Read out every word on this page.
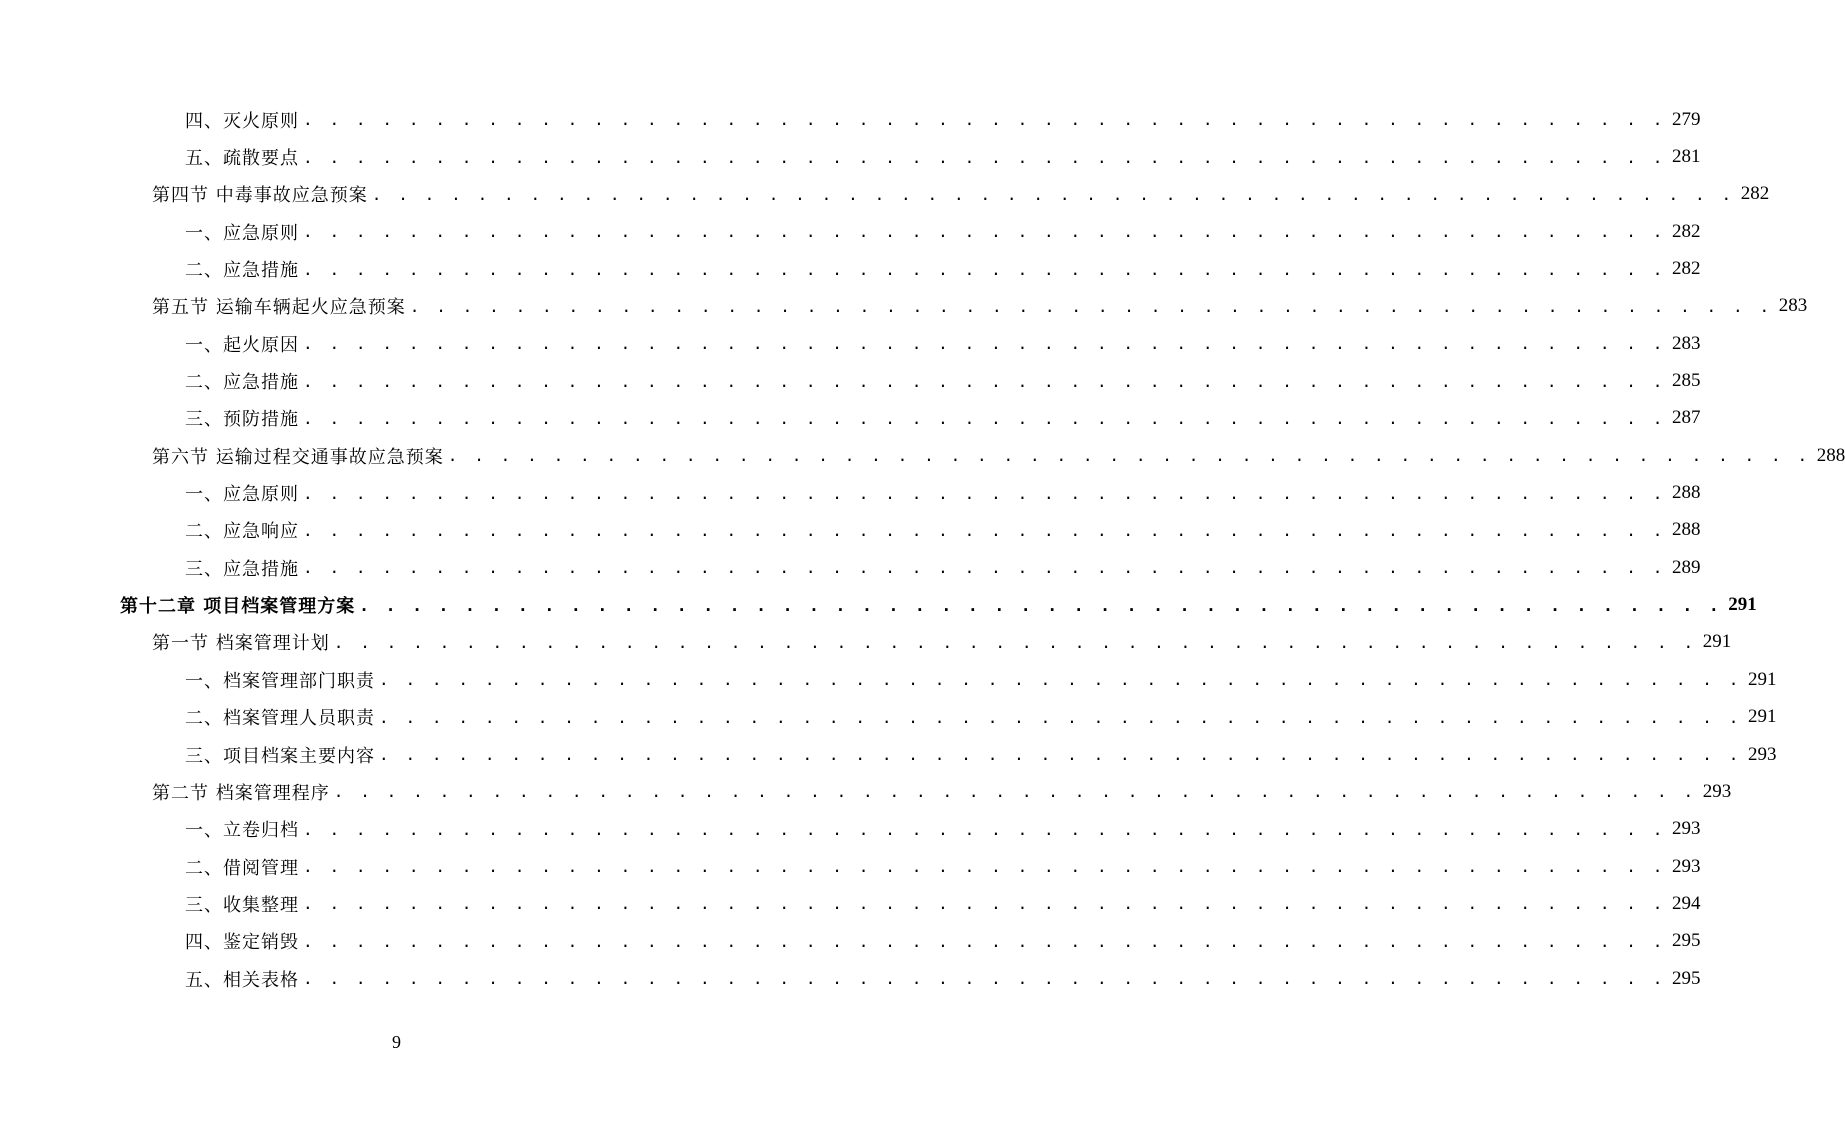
四、灭火原则 . . . . . . . . . . . . . . . . . . . . . . . . . . . . . . . . . . . . . . . . . . . . . . . . . . . . 279
五、疏散要点 . . . . . . . . . . . . . . . . . . . . . . . . . . . . . . . . . . . . . . . . . . . . . . . . . . . . 281
第四节 中毒事故应急预案 . . . . . . . . . . . . . . . . . . . . . . . . . . . . . . . . . . . . . . . . . . . . . . . . . . . . 282
一、应急原则 . . . . . . . . . . . . . . . . . . . . . . . . . . . . . . . . . . . . . . . . . . . . . . . . . . . . 282
二、应急措施 . . . . . . . . . . . . . . . . . . . . . . . . . . . . . . . . . . . . . . . . . . . . . . . . . . . . 282
第五节 运输车辆起火应急预案 . . . . . . . . . . . . . . . . . . . . . . . . . . . . . . . . . . . . . . . . . . . . . . . . . . . . 283
一、起火原因 . . . . . . . . . . . . . . . . . . . . . . . . . . . . . . . . . . . . . . . . . . . . . . . . . . . . 283
二、应急措施 . . . . . . . . . . . . . . . . . . . . . . . . . . . . . . . . . . . . . . . . . . . . . . . . . . . . 285
三、预防措施 . . . . . . . . . . . . . . . . . . . . . . . . . . . . . . . . . . . . . . . . . . . . . . . . . . . . 287
第六节 运输过程交通事故应急预案 . . . . . . . . . . . . . . . . . . . . . . . . . . . . . . . . . . . . . . . . . . . . . . . . . . . . 288
一、应急原则 . . . . . . . . . . . . . . . . . . . . . . . . . . . . . . . . . . . . . . . . . . . . . . . . . . . . 288
二、应急响应 . . . . . . . . . . . . . . . . . . . . . . . . . . . . . . . . . . . . . . . . . . . . . . . . . . . . 288
三、应急措施 . . . . . . . . . . . . . . . . . . . . . . . . . . . . . . . . . . . . . . . . . . . . . . . . . . . . 289
第十二章 项目档案管理方案 . . . . . . . . . . . . . . . . . . . . . . . . . . . . . . . . . . . . . . . . . . . . . . . . . . . . 291
第一节 档案管理计划 . . . . . . . . . . . . . . . . . . . . . . . . . . . . . . . . . . . . . . . . . . . . . . . . . . . . 291
一、档案管理部门职责 . . . . . . . . . . . . . . . . . . . . . . . . . . . . . . . . . . . . . . . . . . . . . . . . . . . . 291
二、档案管理人员职责 . . . . . . . . . . . . . . . . . . . . . . . . . . . . . . . . . . . . . . . . . . . . . . . . . . . . 291
三、项目档案主要内容 . . . . . . . . . . . . . . . . . . . . . . . . . . . . . . . . . . . . . . . . . . . . . . . . . . . . 293
第二节 档案管理程序 . . . . . . . . . . . . . . . . . . . . . . . . . . . . . . . . . . . . . . . . . . . . . . . . . . . . 293
一、立卷归档 . . . . . . . . . . . . . . . . . . . . . . . . . . . . . . . . . . . . . . . . . . . . . . . . . . . . 293
二、借阅管理 . . . . . . . . . . . . . . . . . . . . . . . . . . . . . . . . . . . . . . . . . . . . . . . . . . . . 293
三、收集整理 . . . . . . . . . . . . . . . . . . . . . . . . . . . . . . . . . . . . . . . . . . . . . . . . . . . . 294
四、鉴定销毁 . . . . . . . . . . . . . . . . . . . . . . . . . . . . . . . . . . . . . . . . . . . . . . . . . . . . 295
五、相关表格 . . . . . . . . . . . . . . . . . . . . . . . . . . . . . . . . . . . . . . . . . . . . . . . . . . . . 295
9
